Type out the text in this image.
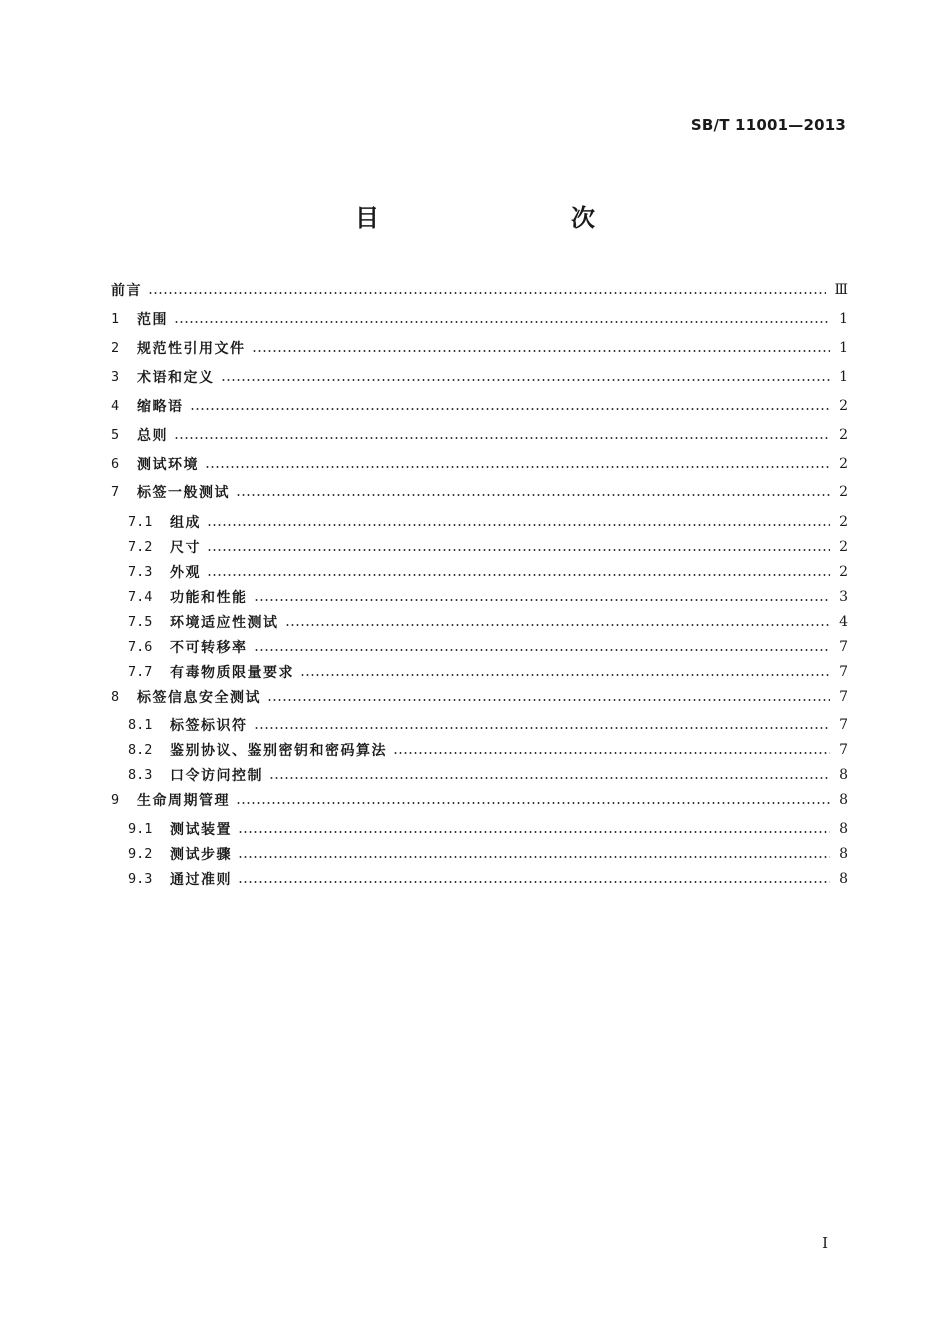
SB/T 11001—2013
目　　次
前言	Ⅲ
1	范围	1
2	规范性引用文件	1
3	术语和定义	1
4	缩略语	2
5	总则	2
6	测试环境	2
7	标签一般测试	2
7.1	组成	2
7.2	尺寸	2
7.3	外观	2
7.4	功能和性能	3
7.5	环境适应性测试	4
7.6	不可转移率	7
7.7	有毒物质限量要求	7
8	标签信息安全测试	7
8.1	标签标识符	7
8.2	鉴别协议、鉴别密钥和密码算法	7
8.3	口令访问控制	8
9	生命周期管理	8
9.1	测试装置	8
9.2	测试步骤	8
9.3	通过准则	8
I
